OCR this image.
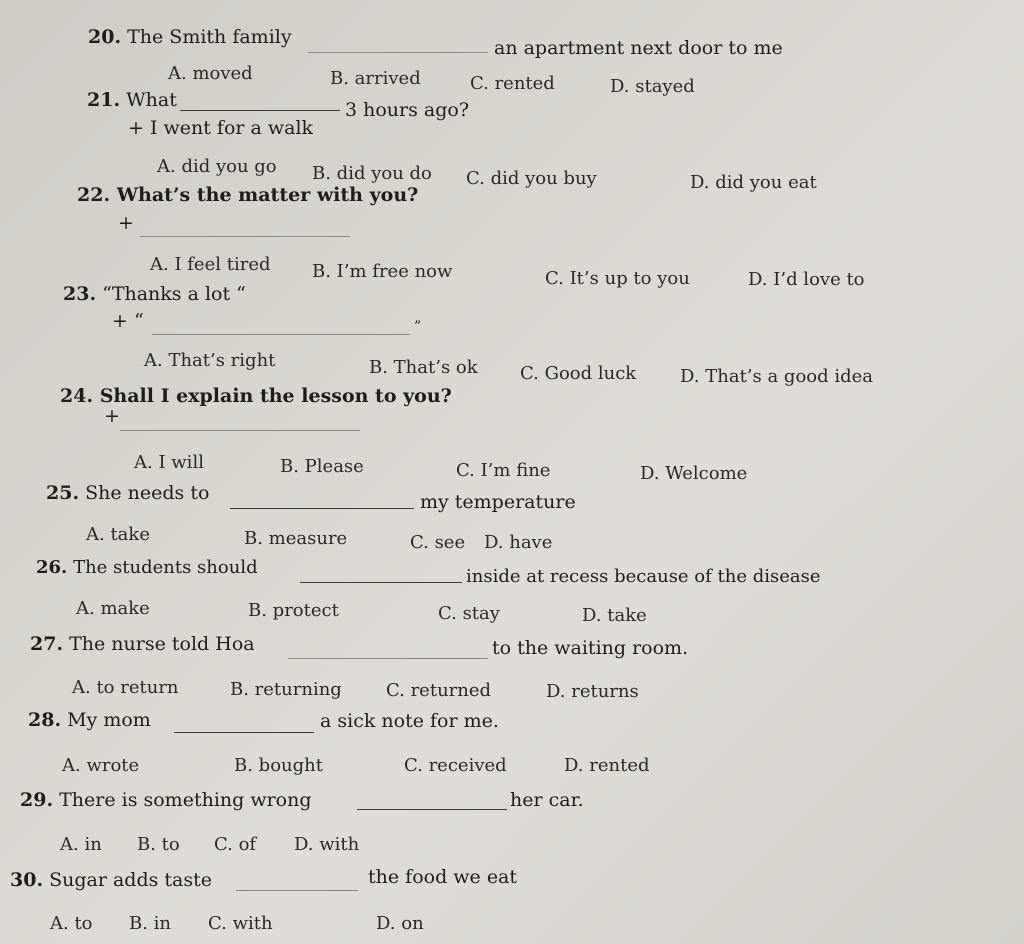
20. The Smith family	an apartment next door to me
A. moved	B. arrived	C. rented	D. stayed
21. What	3 hours ago?
+ I went for a walk
A. did you go B. did you do C. did you buy	D. did you eat
22. What’s the matter with you?
+
A. I feel tired B. I’m free now	C. It’s up to you	D. I’d love to
23. “Thanks a lot “
+ “	”
A. That’s right	B. That’s ok C. Good luck D. That’s a good idea
24. Shall I explain the lesson to you?
+
A. I will	B. Please	C. I’m fine	D. Welcome
25. She needs to	my temperature
A. take	B. measure	C. see D. have
26. The students should	inside at recess because of the disease
A. make	B. protect	C. stay	D. take
27. The nurse told Hoa	to the waiting room.
A. to return	B. returning C. returned	D. returns
28. My mom	a sick note for me.
A. wrote	B. bought	C. received	D. rented
29. There is something wrong	her car.
A. in B. to C. of D. with
30. Sugar adds taste	the food we eat
A. to B. in C. with	D. on
